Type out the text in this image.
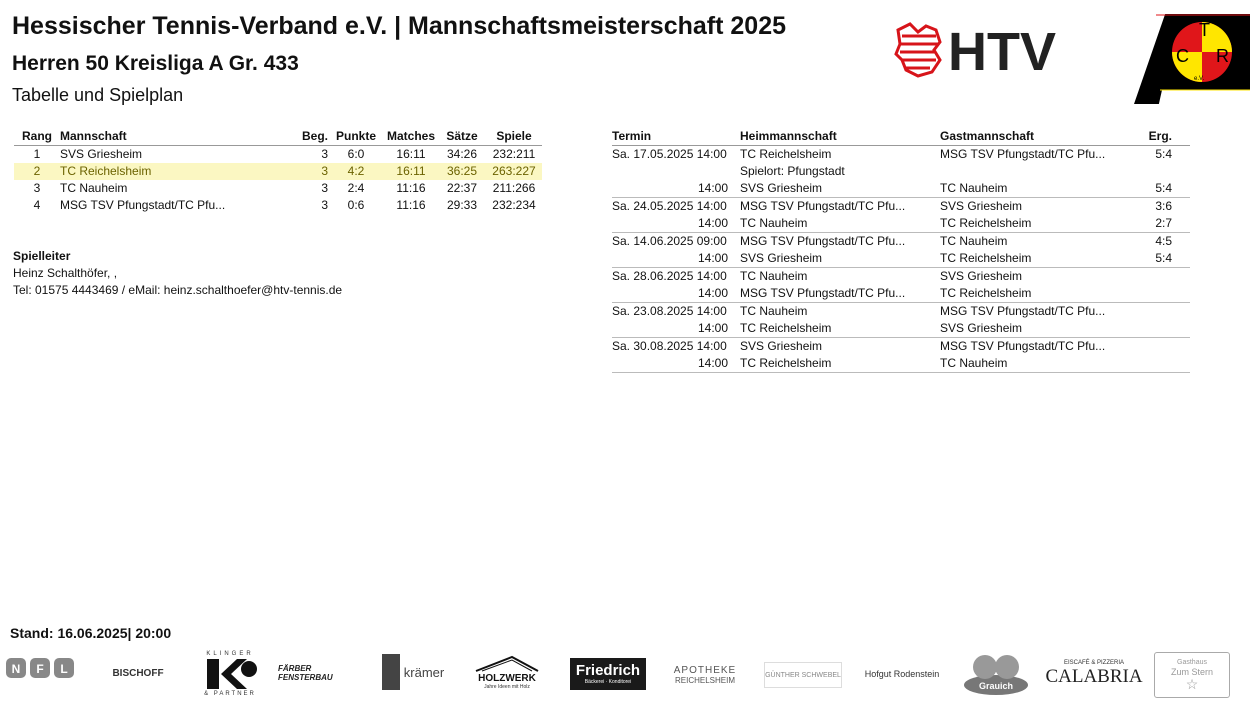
Hessischer Tennis-Verband e.V. | Mannschaftsmeisterschaft 2025
Herren 50 Kreisliga A Gr. 433
Tabelle und Spielplan
HTV	T
C R
e.V.
Rang	Mannschaft	Beg.	Punkte	Matches	Sätze	Spiele
1	SVS Griesheim	3	6:0	16:11	34:26	232:211
2	TC Reichelsheim	3	4:2	16:11	36:25	263:227
3	TC Nauheim	3	2:4	11:16	22:37	211:266
4	MSG TSV Pfungstadt/TC Pfu...	3	0:6	11:16	29:33	232:234
Termin	Heimmannschaft	Gastmannschaft	Erg.
Sa. 17.05.2025 14:00	TC Reichelsheim	MSG TSV Pfungstadt/TC Pfu...	5:4
	Spielort: Pfungstadt		
14:00	SVS Griesheim	TC Nauheim	5:4
Sa. 24.05.2025 14:00	MSG TSV Pfungstadt/TC Pfu...	SVS Griesheim	3:6
14:00	TC Nauheim	TC Reichelsheim	2:7
Sa. 14.06.2025 09:00	MSG TSV Pfungstadt/TC Pfu...	TC Nauheim	4:5
14:00	SVS Griesheim	TC Reichelsheim	5:4
Sa. 28.06.2025 14:00	TC Nauheim	SVS Griesheim	
14:00	MSG TSV Pfungstadt/TC Pfu...	TC Reichelsheim	
Sa. 23.08.2025 14:00	TC Nauheim	MSG TSV Pfungstadt/TC Pfu...	
14:00	TC Reichelsheim	SVS Griesheim	
Sa. 30.08.2025 14:00	SVS Griesheim	MSG TSV Pfungstadt/TC Pfu...	
14:00	TC Reichelsheim	TC Nauheim	
Spielleiter
Heinz Schalthöfer, ,
Tel: 01575 4443469 / eMail: heinz.schalthoefer@htv-tennis.de
Stand: 16.06.2025| 20:00
N F L	BISCHOFF
KLINGER
& PARTNER
FÄRBER FENSTERBAU	krämer	HOLZWERK
Jahre Ideen mit Holz
Friedrich
Bäckerei · Konditorei
APOTHEKE
REICHELSHEIM
GÜNTHER SCHWEBEL	Hofgut Rodenstein
Grauich
EISCAFÉ & PIZZERIA
CALABRIA
Gasthaus
Zum Stern
☆
